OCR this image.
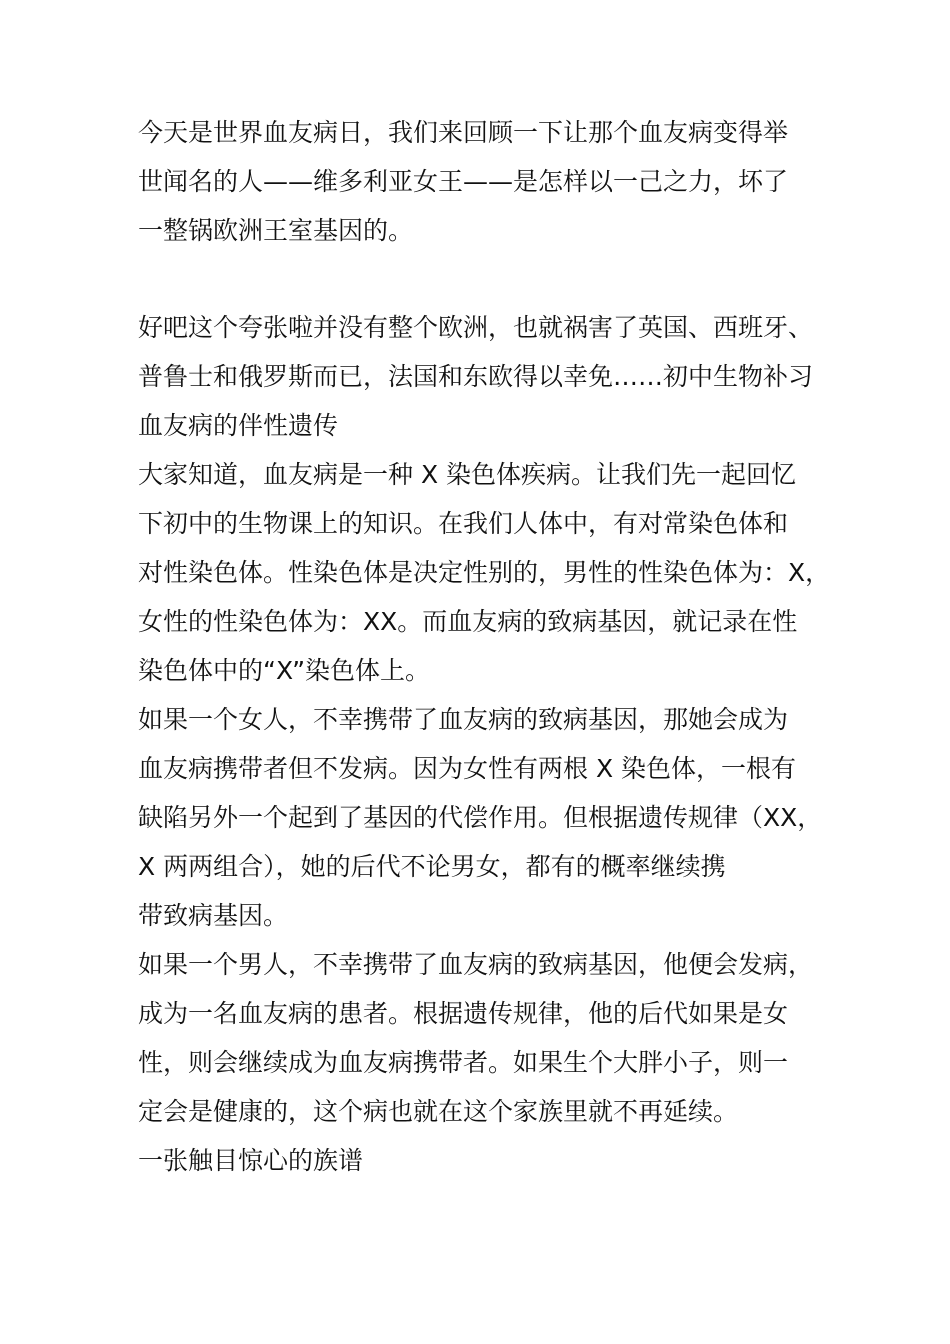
今天是世界血友病日，我们来回顾一下让那个血友病变得举

世闻名的人——维多利亚女王——是怎样以一己之力，坏了

一整锅欧洲王室基因的。

好吧这个夸张啦并没有整个欧洲，也就祸害了英国、西班牙、

普鲁士和俄罗斯而已，法国和东欧得以幸免……初中生物补习

血友病的伴性遗传

大家知道，血友病是一种 X 染色体疾病。让我们先一起回忆

下初中的生物课上的知识。在我们人体中，有对常染色体和

对性染色体。性染色体是决定性别的，男性的性染色体为：X，

女性的性染色体为：XX。而血友病的致病基因，就记录在性

染色体中的“X”染色体上。

如果一个女人，不幸携带了血友病的致病基因，那她会成为

血友病携带者但不发病。因为女性有两根 X 染色体，一根有

缺陷另外一个起到了基因的代偿作用。但根据遗传规律（XX，

X 两两组合），她的后代不论男女，都有的概率继续携

带致病基因。

如果一个男人，不幸携带了血友病的致病基因，他便会发病，

成为一名血友病的患者。根据遗传规律，他的后代如果是女

性，则会继续成为血友病携带者。如果生个大胖小子，则一

定会是健康的，这个病也就在这个家族里就不再延续。

一张触目惊心的族谱
